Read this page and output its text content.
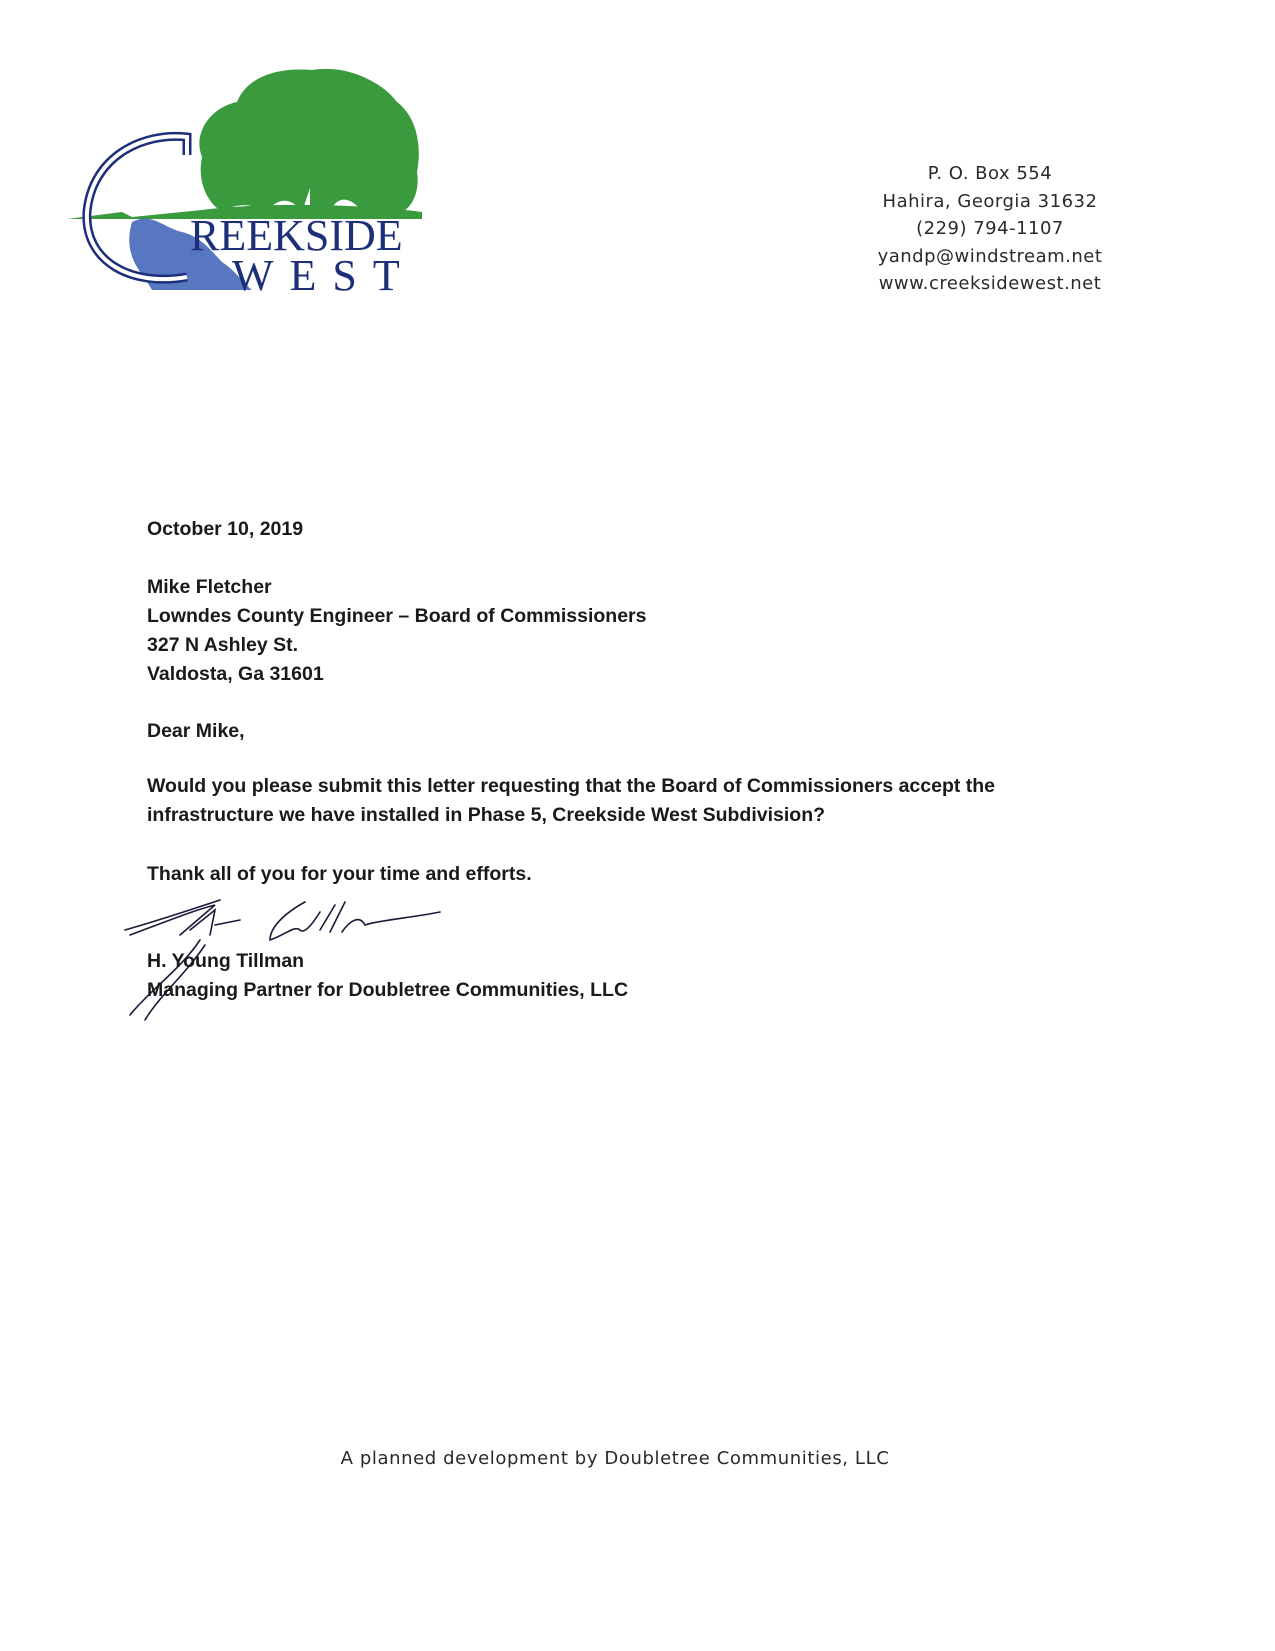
REEKSIDE
WEST
P. O. Box 554
Hahira, Georgia 31632
(229) 794-1107
yandp@windstream.net
www.creeksidewest.net
October 10, 2019
Mike Fletcher
Lowndes County Engineer – Board of Commissioners
327 N Ashley St.
Valdosta, Ga 31601
Dear Mike,
Would you please submit this letter requesting that the Board of Commissioners accept the
infrastructure we have installed in Phase 5, Creekside West Subdivision?
Thank all of you for your time and efforts.
H. Young Tillman
Managing Partner for Doubletree Communities, LLC
A planned development by Doubletree Communities, LLC
